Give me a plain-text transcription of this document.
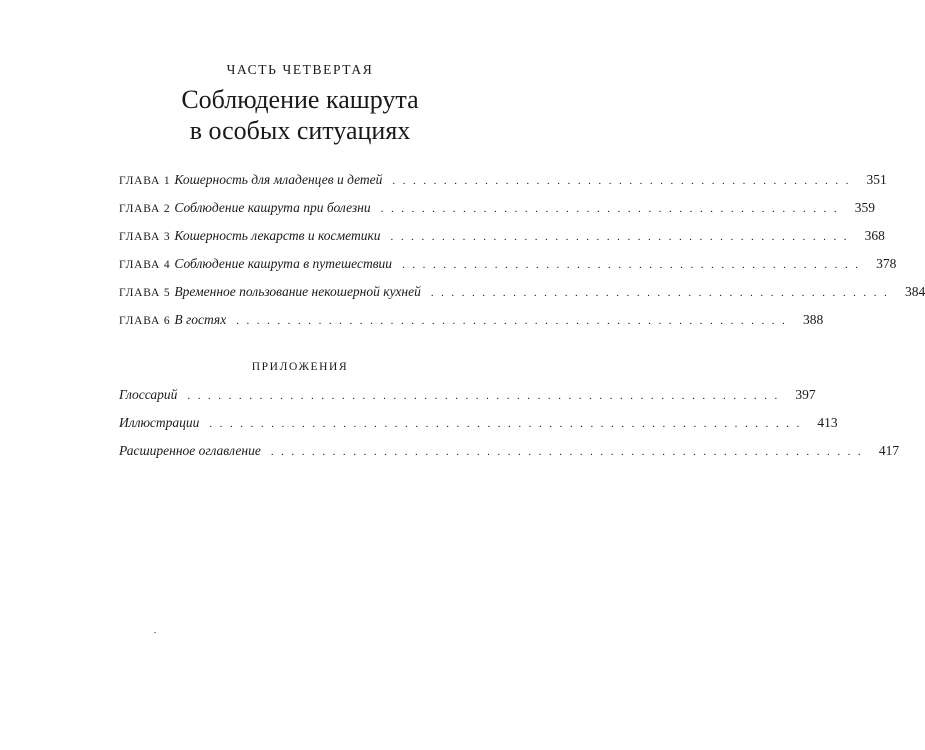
ЧАСТЬ ЧЕТВЕРТАЯ
Соблюдение кашрута
в особых ситуациях
ГЛАВА 1 Кошерность для младенцев и детей . . . . . . . . . . . . . . . . . . . . . . . . . . . . . . . . . . . . . . . . . . . . .	351
ГЛАВА 2 Соблюдение кашрута при болезни . . . . . . . . . . . . . . . . . . . . . . . . . . . . . . . . . . . . . . . . . . . . .	359
ГЛАВА 3 Кошерность лекарств и косметики . . . . . . . . . . . . . . . . . . . . . . . . . . . . . . . . . . . . . . . . . . . . .	368
ГЛАВА 4 Соблюдение кашрута в путешествии . . . . . . . . . . . . . . . . . . . . . . . . . . . . . . . . . . . . . . . . . . . . .	378
ГЛАВА 5 Временное пользование некошерной кухней . . . . . . . . . . . . . . . . . . . . . . . . . . . . . . . . . . . . . . . . . . . . .	384
ГЛАВА 6 В гостях . . . . . . . . . . . . . . . . . . . . . . . . . . . . . . . . . . . . . . . . . . . . . . . . . . . . . .	388
ПРИЛОЖЕНИЯ
Глоссарий . . . . . . . . . . . . . . . . . . . . . . . . . . . . . . . . . . . . . . . . . . . . . . . . . . . . . . . . . .	397
Иллюстрации . . . . . . . . . . . . . . . . . . . . . . . . . . . . . . . . . . . . . . . . . . . . . . . . . . . . . . . . . .	413
Расширенное оглавление . . . . . . . . . . . . . . . . . . . . . . . . . . . . . . . . . . . . . . . . . . . . . . . . . . . . . . . . . .	417
